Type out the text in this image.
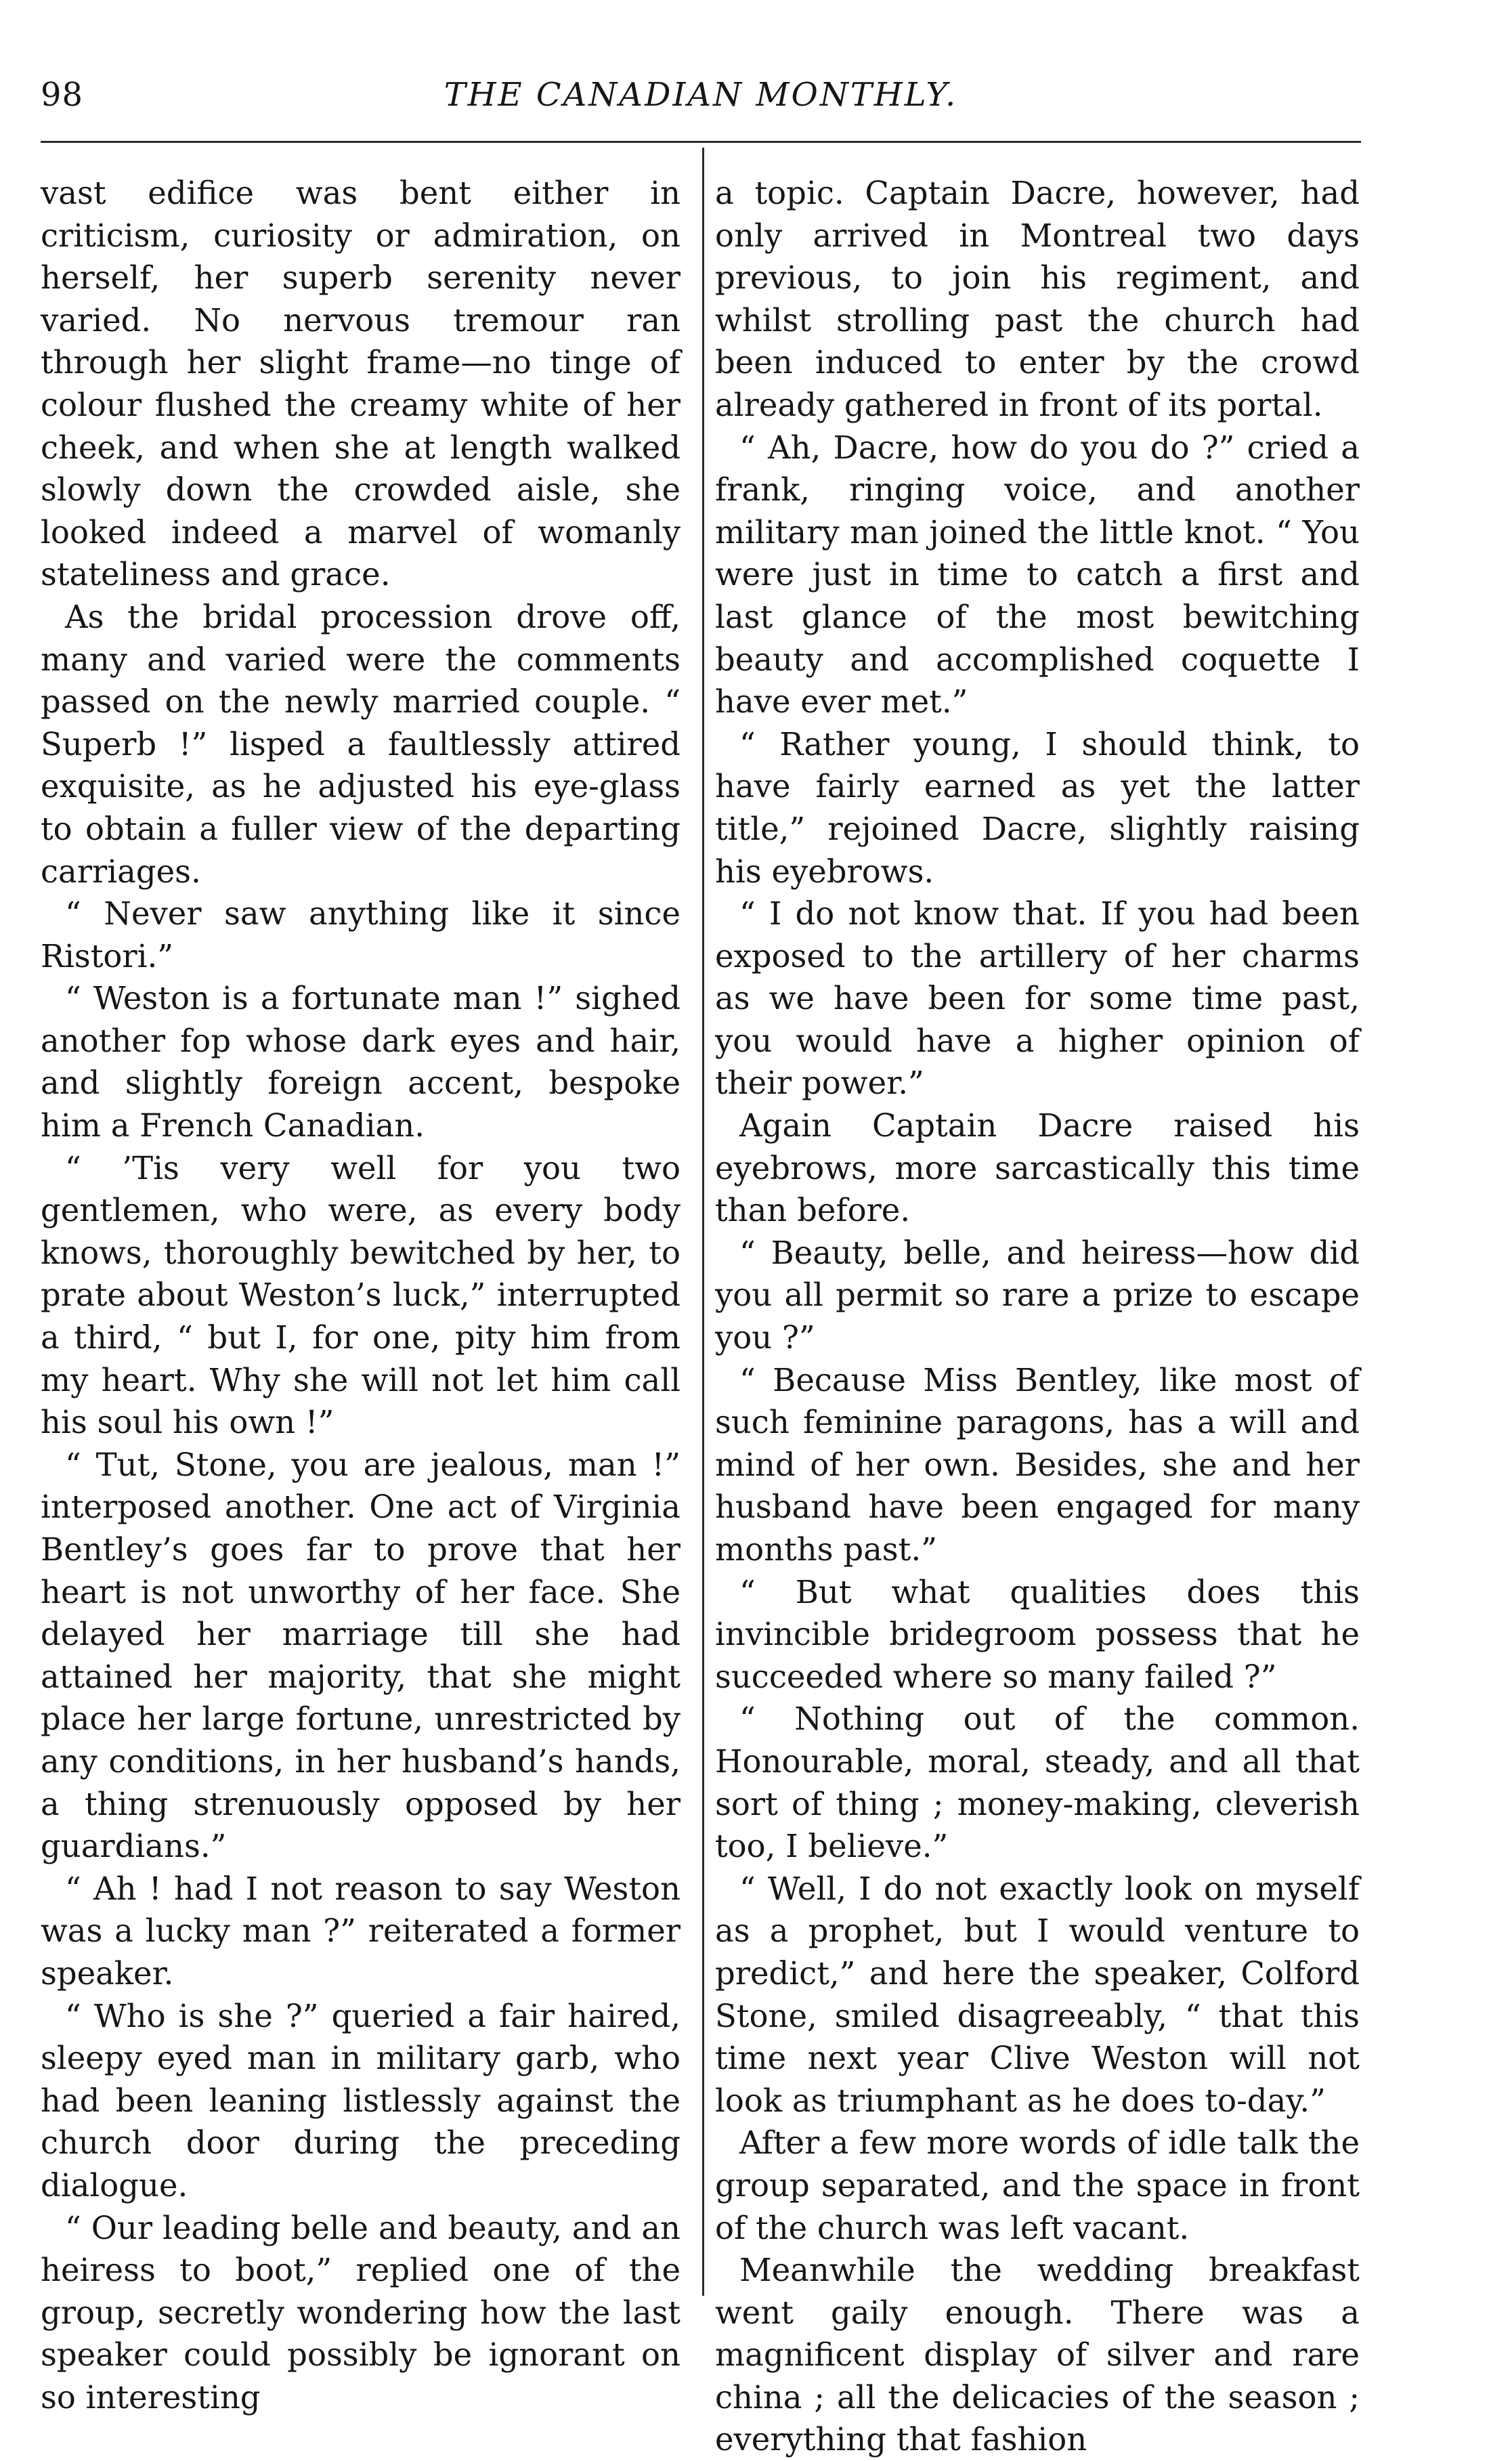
98	THE CANADIAN MONTHLY.

vast edifice was bent either in criticism, curiosity or admiration, on herself, her superb serenity never varied. No nervous tremour ran through her slight frame—no tinge of colour flushed the creamy white of her cheek, and when she at length walked slowly down the crowded aisle, she looked indeed a marvel of womanly stateliness and grace.

As the bridal procession drove off, many and varied were the comments passed on the newly married couple. “ Superb !” lisped a faultlessly attired exquisite, as he adjusted his eye-glass to obtain a fuller view of the departing carriages.

“ Never saw anything like it since Ristori.”

“ Weston is a fortunate man !” sighed another fop whose dark eyes and hair, and slightly foreign accent, bespoke him a French Canadian.

“ ’Tis very well for you two gentlemen, who were, as every body knows, thoroughly bewitched by her, to prate about Weston’s luck,” interrupted a third, “ but I, for one, pity him from my heart. Why she will not let him call his soul his own !”

“ Tut, Stone, you are jealous, man !” interposed another. One act of Virginia Bentley’s goes far to prove that her heart is not unworthy of her face. She delayed her marriage till she had attained her majority, that she might place her large fortune, unrestricted by any conditions, in her husband’s hands, a thing strenuously opposed by her guardians.”

“ Ah ! had I not reason to say Weston was a lucky man ?” reiterated a former speaker.

“ Who is she ?” queried a fair haired, sleepy eyed man in military garb, who had been leaning listlessly against the church door during the preceding dialogue.

“ Our leading belle and beauty, and an heiress to boot,” replied one of the group, secretly wondering how the last speaker could possibly be ignorant on so interesting

a topic. Captain Dacre, however, had only arrived in Montreal two days previous, to join his regiment, and whilst strolling past the church had been induced to enter by the crowd already gathered in front of its portal.

“ Ah, Dacre, how do you do ?” cried a frank, ringing voice, and another military man joined the little knot. “ You were just in time to catch a first and last glance of the most bewitching beauty and accomplished coquette I have ever met.”

“ Rather young, I should think, to have fairly earned as yet the latter title,” rejoined Dacre, slightly raising his eyebrows.

“ I do not know that. If you had been exposed to the artillery of her charms as we have been for some time past, you would have a higher opinion of their power.”

Again Captain Dacre raised his eyebrows, more sarcastically this time than before.

“ Beauty, belle, and heiress—how did you all permit so rare a prize to escape you ?”

“ Because Miss Bentley, like most of such feminine paragons, has a will and mind of her own. Besides, she and her husband have been engaged for many months past.”

“ But what qualities does this invincible bridegroom possess that he succeeded where so many failed ?”

“ Nothing out of the common. Honourable, moral, steady, and all that sort of thing ; money-making, cleverish too, I believe.”

“ Well, I do not exactly look on myself as a prophet, but I would venture to predict,” and here the speaker, Colford Stone, smiled disagreeably, “ that this time next year Clive Weston will not look as triumphant as he does to-day.”

After a few more words of idle talk the group separated, and the space in front of the church was left vacant.

Meanwhile the wedding breakfast went gaily enough. There was a magnificent display of silver and rare china ; all the delicacies of the season ; everything that fashion
